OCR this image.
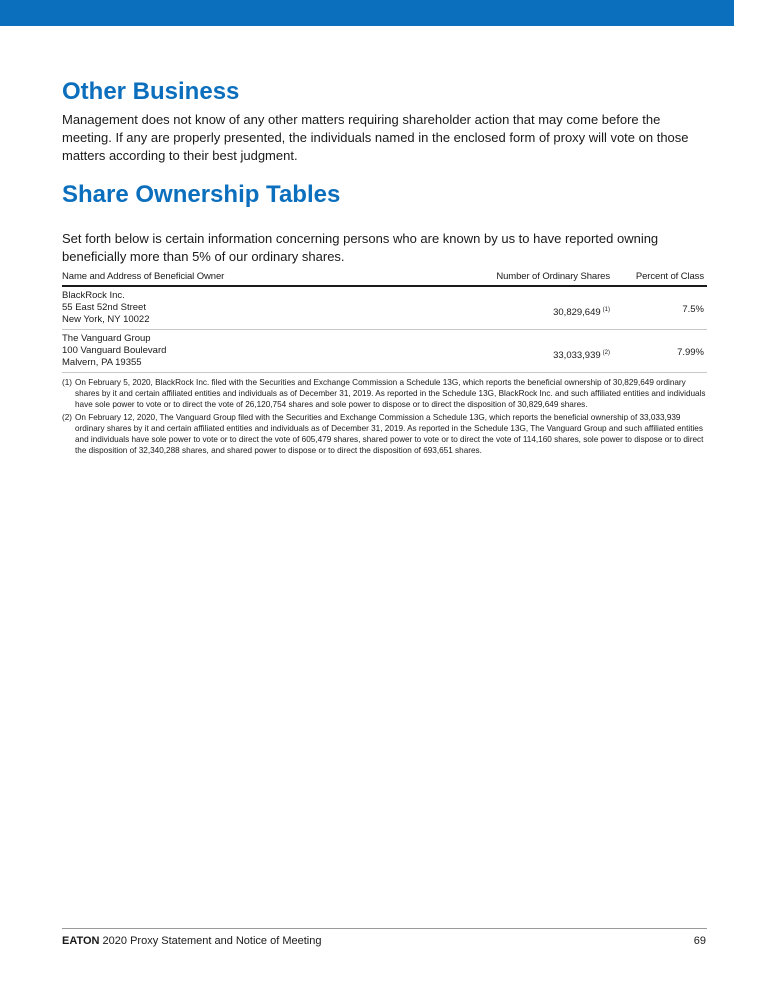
Other Business

Management does not know of any other matters requiring shareholder action that may come before the meeting. If any are properly presented, the individuals named in the enclosed form of proxy will vote on those matters according to their best judgment.

Share Ownership Tables

Set forth below is certain information concerning persons who are known by us to have reported owning beneficially more than 5% of our ordinary shares.

Name and Address of Beneficial Owner	Number of Ordinary Shares	Percent of Class
BlackRock Inc.
55 East 52nd Street
New York, NY 10022
30,829,649 $^{(1)}$	7.5%
The Vanguard Group
100 Vanguard Boulevard
Malvern, PA 19355
33,033,939 $^{(2)}$	7.99%
(1) On February 5, 2020, BlackRock Inc. filed with the Securities and Exchange Commission a Schedule 13G, which reports the beneficial ownership of 30,829,649 ordinary shares by it and certain affiliated entities and individuals as of December 31, 2019. As reported in the Schedule 13G, BlackRock Inc. and such affiliated entities and individuals have sole power to vote or to direct the vote of 26,120,754 shares and sole power to dispose or to direct the disposition of 30,829,649 shares.
(2) On February 12, 2020, The Vanguard Group filed with the Securities and Exchange Commission a Schedule 13G, which reports the beneficial ownership of 33,033,939 ordinary shares by it and certain affiliated entities and individuals as of December 31, 2019. As reported in the Schedule 13G, The Vanguard Group and such affiliated entities and individuals have sole power to vote or to direct the vote of 605,479 shares, shared power to vote or to direct the vote of 114,160 shares, sole power to dispose or to direct the disposition of 32,340,288 shares, and shared power to dispose or to direct the disposition of 693,651 shares.
EATON 2020 Proxy Statement and Notice of Meeting	69
